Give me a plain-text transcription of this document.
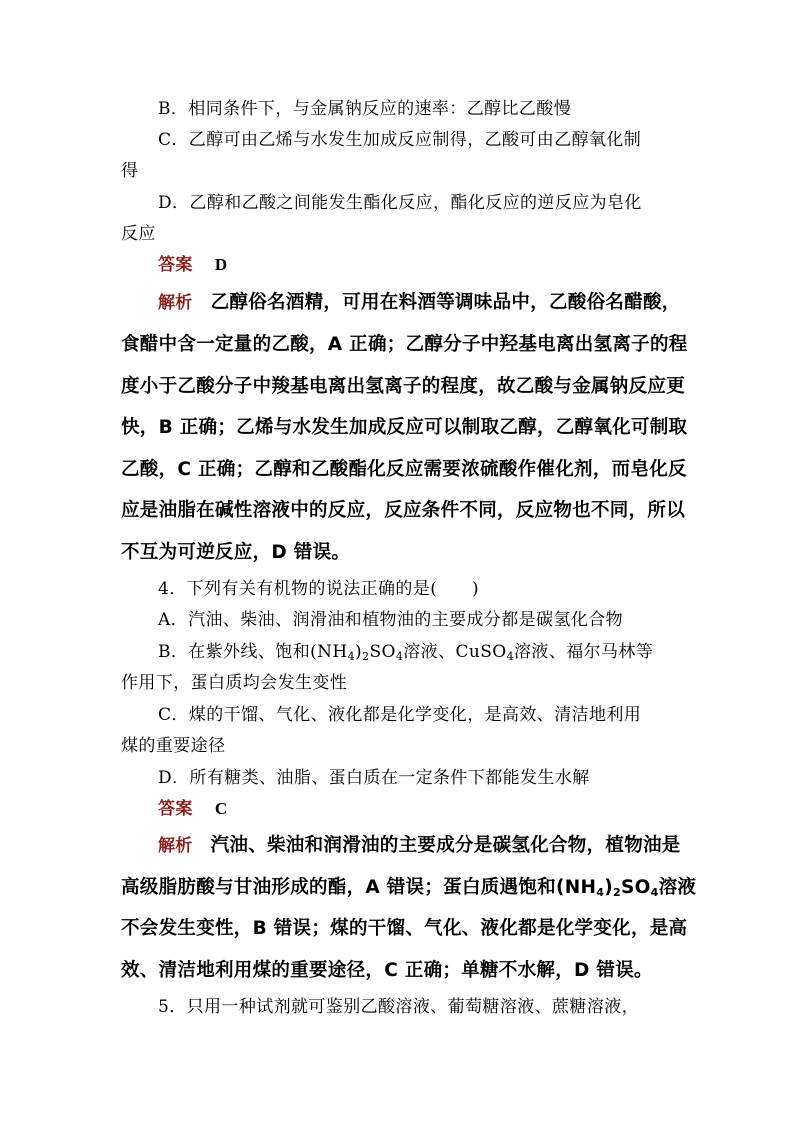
B．相同条件下，与金属钠反应的速率：乙醇比乙酸慢
C．乙醇可由乙烯与水发生加成反应制得，乙酸可由乙醇氧化制
得
D．乙醇和乙酸之间能发生酯化反应，酯化反应的逆反应为皂化
反应
答案 D
解析 乙醇俗名酒精，可用在料酒等调味品中，乙酸俗名醋酸，
食醋中含一定量的乙酸，A 正确；乙醇分子中羟基电离出氢离子的程
度小于乙酸分子中羧基电离出氢离子的程度，故乙酸与金属钠反应更
快，B 正确；乙烯与水发生加成反应可以制取乙醇，乙醇氧化可制取
乙酸，C 正确；乙醇和乙酸酯化反应需要浓硫酸作催化剂，而皂化反
应是油脂在碱性溶液中的反应，反应条件不同，反应物也不同，所以
不互为可逆反应，D 错误。
4．下列有关有机物的说法正确的是(　　)
A．汽油、柴油、润滑油和植物油的主要成分都是碳氢化合物
B．在紫外线、饱和$(NH_4)_2SO_4$溶液、CuSO$_4$溶液、福尔马林等
作用下，蛋白质均会发生变性
C．煤的干馏、气化、液化都是化学变化，是高效、清洁地利用
煤的重要途径
D．所有糖类、油脂、蛋白质在一定条件下都能发生水解
答案 C
解析 汽油、柴油和润滑油的主要成分是碳氢化合物，植物油是
高级脂肪酸与甘油形成的酯，A 错误；蛋白质遇饱和$(NH_4)_2SO_4$溶液
不会发生变性，B 错误；煤的干馏、气化、液化都是化学变化，是高
效、清洁地利用煤的重要途径，C 正确；单糖不水解，D 错误。
5．只用一种试剂就可鉴别乙酸溶液、葡萄糖溶液、蔗糖溶液，
